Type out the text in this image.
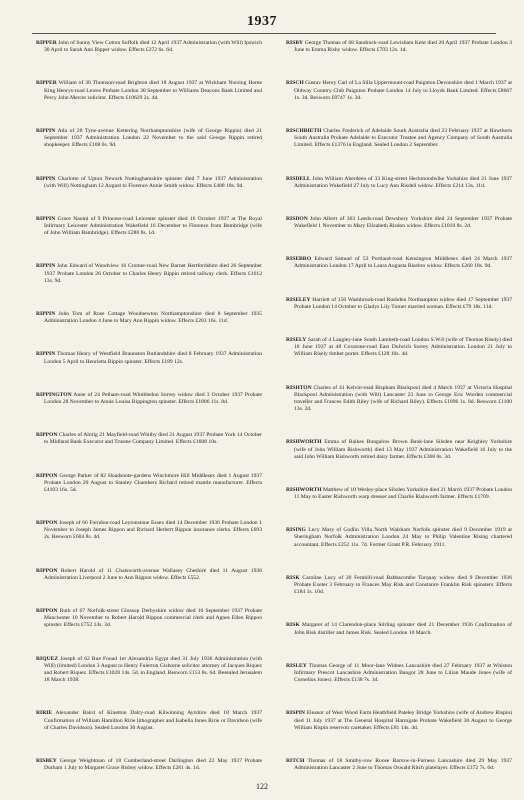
1937

RIPPER John of Sunny View Cotton Suffolk died 12 April 1937 Administration (with Will) Ipswich 30 April to Sarah Ann Ripper widow. Effects £272 6s. 6d.

RIPPER William of 30 Thomson-road Brighton died 18 August 1937 at Wickham Nursing Home King Henrys-road Lewes Probate London 30 September to Williams Deacons Bank Limited and Percy John Mercer solicitor. Effects £10629 2s. 4d.

RIPPIN Ada of 28 Tyne-avenue Kettering Northamptonshire (wife of George Rippin) died 21 September 1937 Administration London 22 November to the said George Rippin retired shopkeeper. Effects £108 0s. 9d.

RIPPIN Charlotte of Upton Newark Nottinghamshire spinster died 7 June 1937 Administration (with Will) Nottingham 12 August to Florence Annie Smith widow. Effects £488 18s. 9d.

RIPPIN Grace Naomi of 9 Princess-road Leicester spinster died 16 October 1937 at The Royal Infirmary Leicester Administration Wakefield 16 December to Florence from Bembridge (wife of John William Bambridge). Effects £280 8s. 1d.

RIPPIN John Edward of Woodview 16 Cromer-road New Barnet Hertfordshire died 26 September 1937 Probate London 26 October to Charles Henry Rippin retired railway clerk. Effects £1612 13s. 9d.

RIPPIN John Tom of Rose Cottage Woodnewton Northamptonshire died 8 September 1935 Administration London 4 June to Mary Ann Rippin widow. Effects £203 16s. 11d.

RIPPIN Thomas Henry of Westfield Braunston Rutlandshire died 8 February 1937 Administration London 5 April to Henrietta Rippin spinster. Effects £189 12s.

RIPPINGTON Anne of 24 Pelham-road Wimbledon Surrey widow died 3 October 1937 Probate London 28 November to Annie Louisa Rippington spinster. Effects £1806 11s. 8d.

RIPPON Charles of Alnrig 21 Mayfield-road Whitby died 21 August 1937 Probate York 14 October to Midland Bank Executor and Trustee Company Limited. Effects £1608 10s.

RIPPON George Parker of 82 Hoadsnote-gardens Winchmore Hill Middlesex died 1 August 1937 Probate London 20 August to Stanley Chambers Richard retired mantle manufacturer. Effects £4103 16s. 5d.

RIPPON Joseph of 66 Forndon-road Leytonstone Essex died 14 December 1936 Probate London 1 November to Joseph James Rippon and Richard Herbert Rippon insurance clerks. Effects £693 2s. Resworn £604 8s. 4d.

RIPPON Robert Harold of 11 Chatsworth-avenue Wallasey Cheshire died 11 August 1936 Administration Liverpool 2 June to Ann Rippon widow. Effects £552.

RIPPON Ruth of 67 Norfolk-street Glossop Derbyshire widow died 10 September 1937 Probate Manchester 10 November to Robert Harold Rippon commercial clerk and Agnes Ellen Rippon spinster. Effects £752 14s. 3d.

RIQUEZ Joseph of 62 Rue Fouad 1er Alexandria Egypt died 31 July 1936 Administration (with Will) (limited) London 3 August to Henry Fulerton Gisborne solicitor attorney of Jacques Riquez and Robert Riquez. Effects £1028 14s. 5d. in England. Resworn £153 8s. 6d. Resealed Jerusalem 18 March 1938.

RIRIE Alexander Baird of Kinetton Dalry-road Kilwinning Ayrshire died 18 March 1937 Confirmation of William Hamilton Ririe lithographer and Isabella Innes Ririe or Davidson (wife of Charles Davidson). Sealed London 30 August.

RISBEY George Weightman of 18 Cumberland-street Darlington died 22 May 1937 Probate Durham 1 July to Margaret Grace Risbey widow. Effects £281 4s. 1d.

RISBY George Thomas of 68 Sandrock-road Lewisham Kent died 20 April 1937 Probate London 3 June to Emma Risby widow. Effects £703 12s. 1d.

RISCH Gustav Henry Carl of La Silla Uppermount-road Paignton Devonshire died 1 March 1937 at Oldway Country Club Paignton Probate London 14 July to Lloyds Bank Limited. Effects £8667 1s. 3d. Resworn £8747 1s. 3d.

RISCHBIETH Charles Frederick of Adelaide South Australia died 23 February 1937 at Hawthorn South Australia Probate Adelaide to Executor Trustee and Agency Company of South Australia Limited. Effects £1376 in England. Sealed London 2 September.

RISDELL John William Aberdeen of 33 King-street Heckmondwike Yorkshire died 21 June 1937 Administration Wakefield 27 July to Lucy Ann Risdell widow. Effects £214 13s. 11d.

RISDON John Albert of 303 Leeds-road Dewsbury Yorkshire died 24 September 1937 Probate Wakefield 1 November to Mary Elizabeth Risdon widow. Effects £1010 8s. 2d.

RISEBRO Edward Samuel of 53 Portland-road Kensington Middlesex died 24 March 1937 Administration London 17 April to Laura Augusta Risebro widow. Effects £260 18s. 9d.

RISELEY Harriett of 150 Washbrook-road Rushden Northampton widow died 17 September 1937 Probate London 14 October to Gladys Lily Turner married woman. Effects £79 18s. 11d.

RISELY Sarah of 4 Langley-lane South Lambeth-road London S.W.8 (wife of Thomas Risely) died 18 June 1937 at 48 Coxstone-road East Dulwich Surrey Administration London 21 July to William Risely timber porter. Effects £128 10s. 4d.

RISHTON Charles of 41 Kelvin-road Bispham Blackpool died 4 March 1937 at Victoria Hospital Blackpool Administration (with Will) Lancaster 23 June to George Eric Worden commercial traveller and Frances Edith Riley (wife of Richard Riley). Effects £1096 1s. 8d. Resworn £1100 13s. 2d.

RISHWORTH Emma of Raikes Bungalow Brown Bank-lane Silsden near Keighley Yorkshire (wife of John William Rishworth) died 13 May 1937 Administration Wakefield 16 July to the said John William Rishworth retired dairy farmer. Effects £368 0s. 3d.

RISHWORTH Matthew of 10 Wesley-place Silsden Yorkshire died 21 March 1937 Probate London 11 May to Easter Rishworth warp dresser and Charlie Rishworth farmer. Effects £1709.

RISING Lucy Mary of Godlin Villa North Walsham Norfolk spinster died 9 December 1919 at Sheringham Norfolk Administration London 24 May to Philip Valentine Rising chartered accountant. Effects £252 11s. 7d. Former Grant P.R. February 1911.

RISK Caroline Lucy of 20 Fernhill-road Babbacombe Torquay widow died 9 December 1936 Probate Exeter 3 February to Frances May Risk and Constance Franklin Risk spinsters. Effects £184 1s. 10d.

RISK Margaret of 14 Clarendon-place Stirling spinster died 21 December 1936 Confirmation of John Risk distiller and James Risk. Sealed London 10 March.

RISLEY Thomas George of 11 Moor-lane Widnes Lancashire died 27 February 1937 at Whiston Infirmary Prescot Lancashire Administration Bangor 28 June to Lilian Maude Jones (wife of Cornelius Jones). Effects £138 7s. 1d.

RISPIN Eleanor of West Wood Farm Heathfield Pateley Bridge Yorkshire (wife of Andrew Rispin) died 11 July 1937 at The General Hospital Harrogate Probate Wakefield 30 August to George William Rispin reservoir caretaker. Effects £81 14s. 4d.

RITCH Thomas of 18 Smithy-row Roose Barrow-in-Furness Lancashire died 29 May 1937 Administration Lancaster 2 June to Thomas Oswald Ritch platelayer. Effects £372 7s. 6d.

122
